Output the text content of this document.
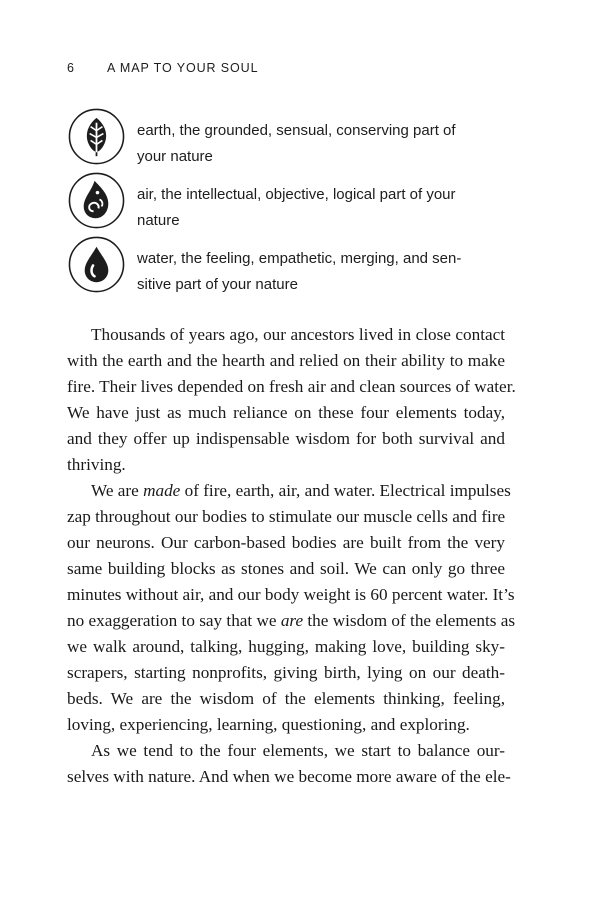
6	A MAP TO YOUR SOUL
earth, the grounded, sensual, conserving part of
your nature
air, the intellectual, objective, logical part of your
nature
water, the feeling, empathetic, merging, and sen-
sitive part of your nature
Thousands of years ago, our ancestors lived in close contact
with the earth and the hearth and relied on their ability to make
fire. Their lives depended on fresh air and clean sources of water.
We have just as much reliance on these four elements today,
and they offer up indispensable wisdom for both survival and
thriving.
We are made of fire, earth, air, and water. Electrical impulses
zap throughout our bodies to stimulate our muscle cells and fire
our neurons. Our carbon-based bodies are built from the very
same building blocks as stones and soil. We can only go three
minutes without air, and our body weight is 60 percent water. It’s
no exaggeration to say that we are the wisdom of the elements as
we walk around, talking, hugging, making love, building sky-
scrapers, starting nonprofits, giving birth, lying on our death-
beds. We are the wisdom of the elements thinking, feeling,
loving, experiencing, learning, questioning, and exploring.
As we tend to the four elements, we start to balance our-
selves with nature. And when we become more aware of the ele-
